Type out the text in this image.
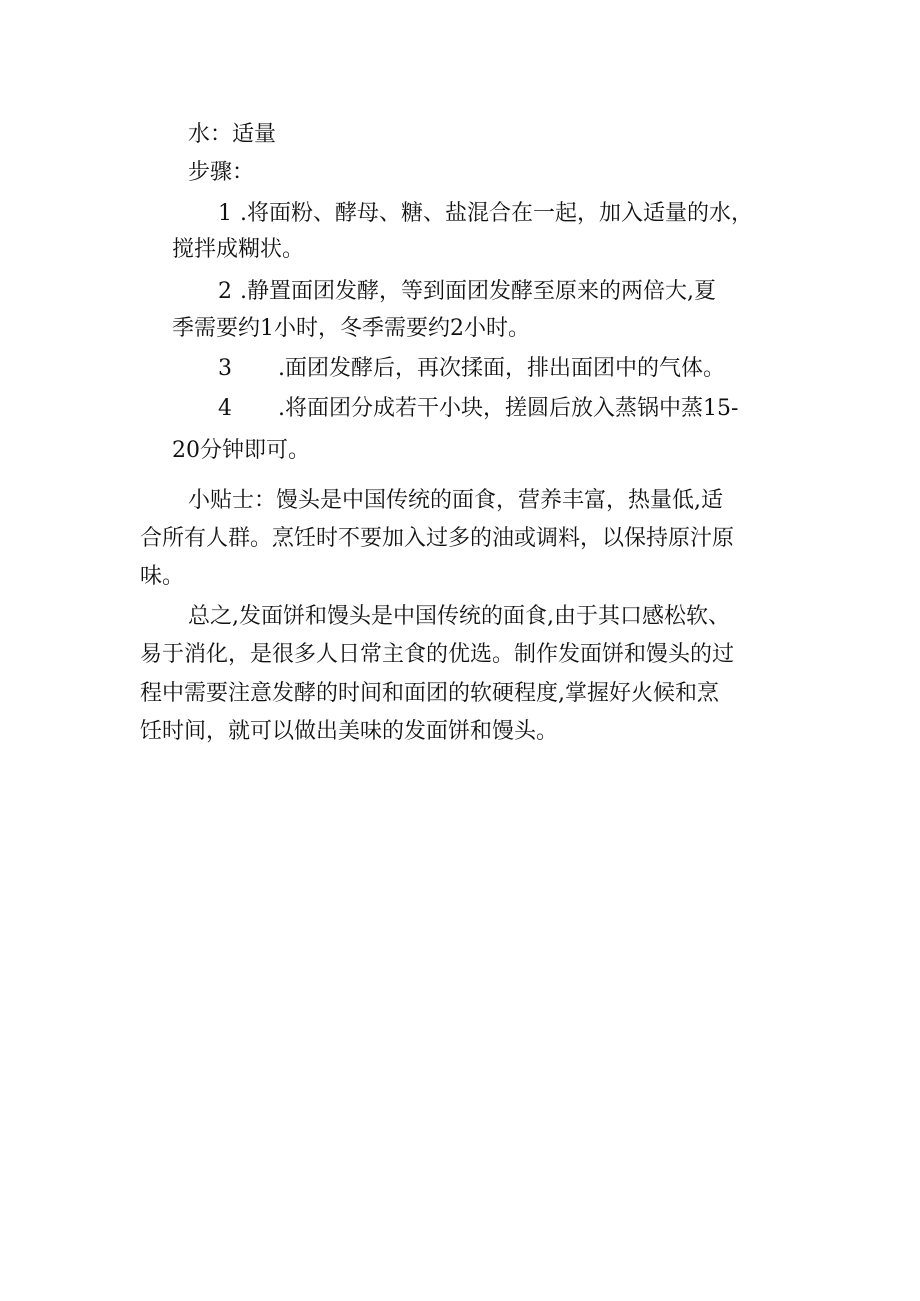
水：适量

步骤：

1 .将面粉、酵母、糖、盐混合在一起，加入适量的水，

搅拌成糊状。

2 .静置面团发酵，等到面团发酵至原来的两倍大,夏

季需要约1小时，冬季需要约2小时。

3 .面团发酵后，再次揉面，排出面团中的气体。

4 .将面团分成若干小块，搓圆后放入蒸锅中蒸15-

20分钟即可。

小贴士：馒头是中国传统的面食，营养丰富，热量低,适

合所有人群。烹饪时不要加入过多的油或调料，以保持原汁原

味。

总之,发面饼和馒头是中国传统的面食,由于其口感松软、

易于消化，是很多人日常主食的优选。制作发面饼和馒头的过

程中需要注意发酵的时间和面团的软硬程度,掌握好火候和烹

饪时间，就可以做出美味的发面饼和馒头。
